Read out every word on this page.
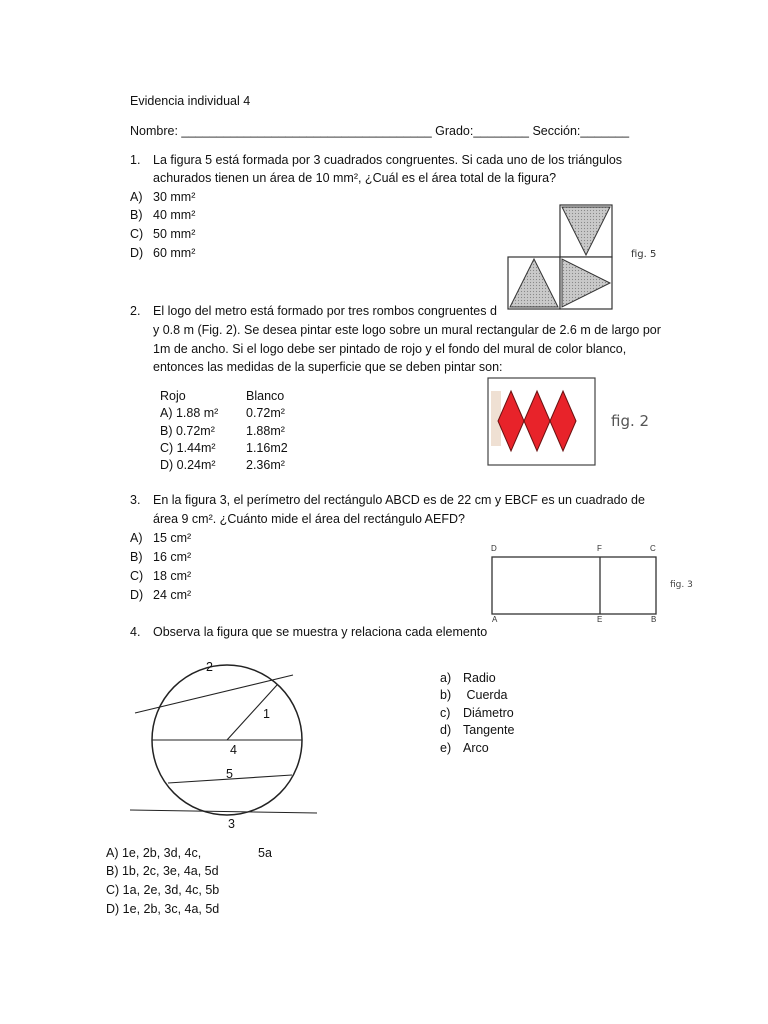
Evidencia individual 4
Nombre: ____________________________________ Grado:________ Sección:_______
1. La figura 5 está formada por 3 cuadrados congruentes. Si cada uno de los triángulos
achurados tienen un área de 10 mm², ¿Cuál es el área total de la figura?
A) 30 mm²
B) 40 mm²
C) 50 mm²
D) 60 mm²	fig. 5
2. El logo del metro está formado por tres rombos congruentes d
y 0.8 m (Fig. 2). Se desea pintar este logo sobre un mural rectangular de 2.6 m de largo por
1m de ancho. Si el logo debe ser pintado de rojo y el fondo del mural de color blanco,
entonces las medidas de la superficie que se deben pintar son:
Rojo	Blanco
A) 1.88 m² 0.72m²
B) 0.72m² 1.88m²
C) 1.44m² 1.16m2
D) 0.24m² 2.36m²
fig. 2
3. En la figura 3, el perímetro del rectángulo ABCD es de 22 cm y EBCF es un cuadrado de
área 9 cm². ¿Cuánto mide el área del rectángulo AEFD?
A) 15 cm²
B) 16 cm²
C) 18 cm²
D) 24 cm²
D	F	C
A	E	B
fig. 3
4. Observa la figura que se muestra y relaciona cada elemento
2
1
4
5
3
a) Radio
b) Cuerda
c) Diámetro
d) Tangente
e) Arco
A) 1e, 2b, 3d, 4c,	5a
B) 1b, 2c, 3e, 4a, 5d
C) 1a, 2e, 3d, 4c, 5b
D) 1e, 2b, 3c, 4a, 5d
